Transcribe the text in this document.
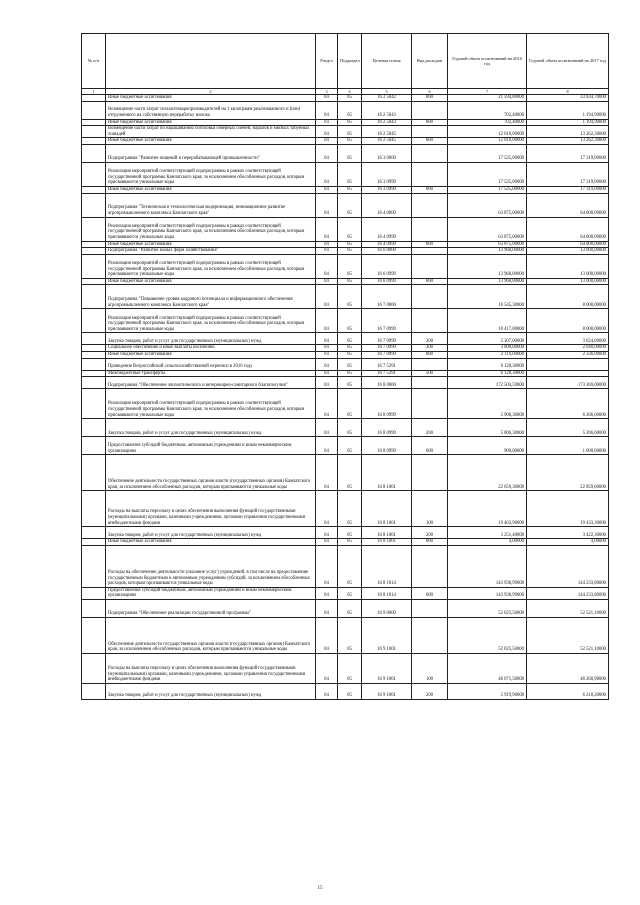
№ п/п		Раздел	Подраздел	Целевая статья	Вид расходов	Годовой объем ассигнований на 2016 год	Годовой объем ассигнований на 2017 год
1	2	3	4	5	6	7	8
	Иные бюджетные ассигнования	04	05	16 2 5042	800	21 594,80000	23 834,70000
	Возмещение части затрат сельхозтоваропроизводителей на 1 килограмм реализованного и (или) отгруженного на собственную переработку молока	04	05	16 2 5043		702,40000	1 194,90000
	Иные бюджетные ассигнования	04	05	16 2 5043	800	702,40000	1 194,90000
	Возмещение части затрат по наращиванию поголовья северных оленей, маралов и мясных табунных лошадей	04	05	16 2 5045		12 016,00000	13 262,30000
	Иные бюджетные ассигнования	04	05	16 2 5045	800	12 016,00000	13 262,30000
	Подпрограмма "Развитие пищевой и перерабатывающей промышленности"	04	05	16 3 0000		17 525,00000	17 319,00000
	Реализация мероприятий соответствующей подпрограммы в рамках соответствующей государственной программы Камчатского края, за исключением обособленных расходов, которым присваиваются уникальные коды	04	05	16 3 0999		17 525,00000	17 319,00000
	Иные бюджетные ассигнования	04	05	16 3 0999	800	17 525,00000	17 319,00000
	Подпрограмма "Техническая и технологическая модернизация, инновационное развитие агропромышленного комплекса Камчатского края"	04	05	16 4 0000		63 875,00000	64 000,00000
	Реализация мероприятий соответствующей подпрограммы в рамках соответствующей государственной программы Камчатского края, за исключением обособленных расходов, которым присваиваются уникальные коды	04	05	16 4 0999		63 875,00000	64 000,00000
	Иные бюджетные ассигнования	04	05	16 4 0999	800	63 875,00000	64 000,00000
	Подпрограмма "Развитие малых форм хозяйствования"	04	05	16 6 0000		13 968,00000	13 000,00000
	Реализация мероприятий соответствующей подпрограммы в рамках соответствующей государственной программы Камчатского края, за исключением обособленных расходов, которым присваиваются уникальные коды	04	05	16 6 0999		13 968,00000	13 000,00000
	Иные бюджетные ассигнования	04	05	16 6 0999	800	13 968,00000	13 000,00000
	Подпрограмма "Повышение уровня кадрового потенциала и информационного обеспечения агропромышленного комплекса Камчатского края"	04	05	16 7 0000		16 545,30000	8 000,00000
	Реализация мероприятий соответствующей подпрограммы в рамках соответствующей государственной программы Камчатского края, за исключением обособленных расходов, которым присваиваются уникальные коды	04	05	16 7 0999		10 417,00000	8 000,00000
	Закупка товаров, работ и услуг для государственных (муниципальных) нужд	04	05	16 7 0999	200	5 307,00000	3 624,00000
	Социальное обеспечение и иные выплаты населению	04	05	16 7 0999	300	3 000,00000	2 040,00000
	Иные бюджетные ассигнования	04	05	16 7 0999	800	2 110,00000	2 336,00000
	Проведение Всероссийской сельскохозяйственной переписи в 2016 году	04	05	16 7 5391		6 128,30000	
	Межбюджетные трансферты	04	05	16 7 5391	500	6 128,30000	
	Подпрограмма "Обеспечение эпизоотического и ветеринарно-санитарного благополучия"	04	05	16 8 0000		172 504,59000	173 369,00000
	Реализация мероприятий соответствующей подпрограммы в рамках соответствующей государственной программы Камчатского края, за исключением обособленных расходов, которым присваиваются уникальные коды	04	05	16 8 0999		5 906,30000	6 266,60000
	Закупка товаров, работ и услуг для государственных (муниципальных) нужд	04	05	16 8 0999	200	5 006,30000	5 266,60000
	Предоставление субсидий бюджетным, автономным учреждениям и иным некоммерческим организациям	04	05	16 8 0999	600	900,00000	1 000,00000
	Обеспечение деятельности государственных органов власти (государственных органов) Камчатского края, за исключением обособленных расходов, которым присваиваются уникальные коды	04	05	16 8 1001		22 659,30000	22 859,60000
	Расходы на выплаты персоналу в целях обеспечения выполнения функций государственными (муниципальными) органами, казенными учреждениями, органами управления государственными внебюджетными фондами	04	05	16 8 1001	100	19 403,90000	19 433,30000
	Закупка товаров, работ и услуг для государственных (муниципальных) нужд	04	05	16 8 1001	200	3 251,40000	3 422,30000
	Иные бюджетные ассигнования	04	05	16 8 1001	800	4,00000	4,00000
	Расходы на обеспечение деятельности (оказание услуг) учреждений, в том числе на предоставление государственным бюджетным и автономным учреждениям субсидий, за исключением обособленных расходов, которым присваиваются уникальные коды	04	05	16 8 1014		143 938,99000	144 233,80000
	Предоставление субсидий бюджетным, автономным учреждениям и иным некоммерческим организациям	04	05	16 8 1014	600	143 938,99000	144 233,80000
	Подпрограмма "Обеспечение реализации государственной программы"	04	05	16 9 0000		52 025,50000	52 521,10000
	Обеспечение деятельности государственных органов власти (государственных органов) Камчатского края, за исключением обособленных расходов, которым присваиваются уникальные коды	04	05	16 9 1001		52 025,50000	52 521,10000
	Расходы на выплаты персоналу в целях обеспечения выполнения функций государственными (муниципальными) органами, казенными учреждениями, органами управления государственными внебюджетными фондами	04	05	16 9 1001	100	46 071,50000	46 260,90000
	Закупка товаров, работ и услуг для государственных (муниципальных) нужд	04	05	16 9 1001	200	5 919,90000	6 218,20000
15
